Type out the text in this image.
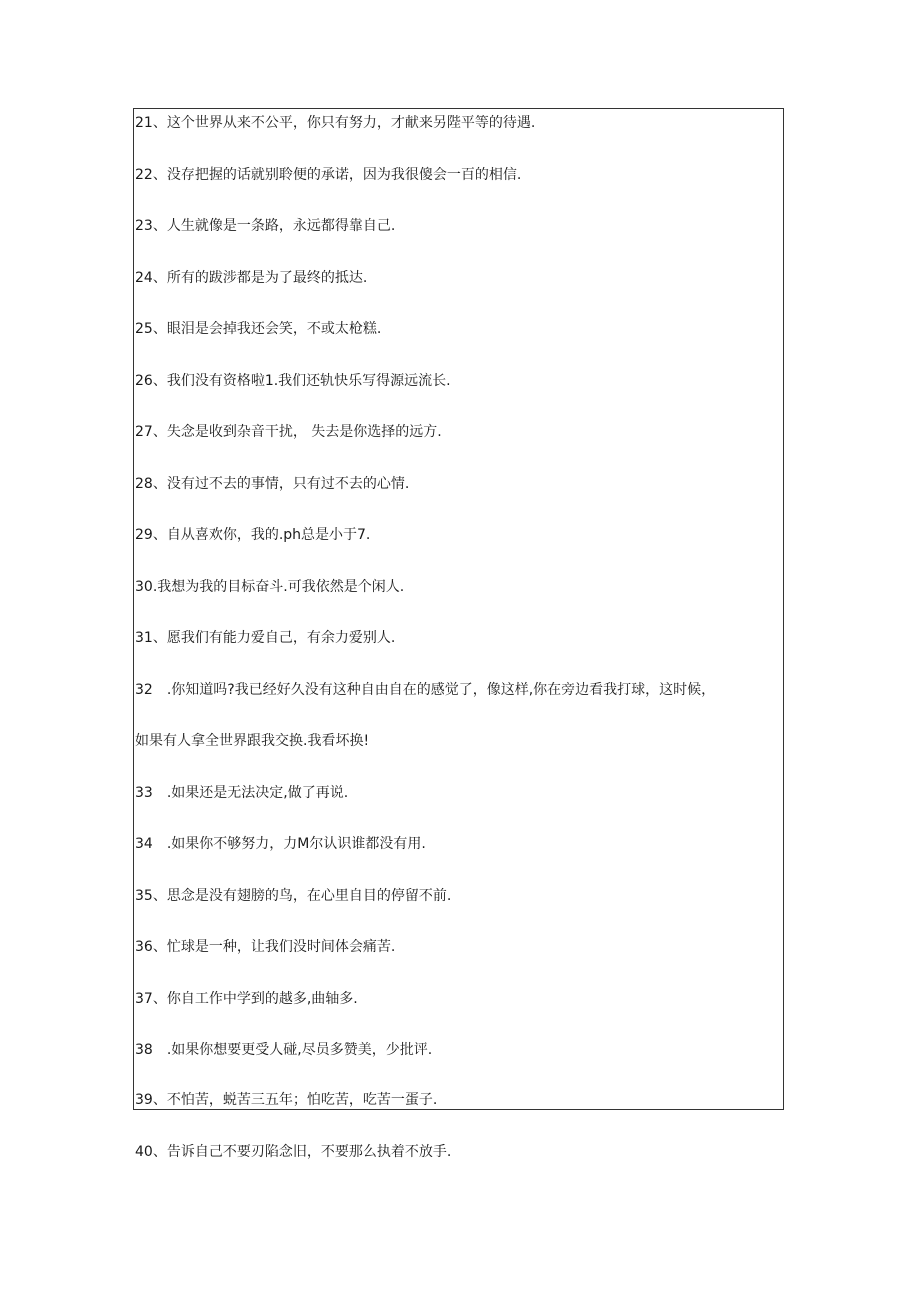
21、这个世界从来不公平，你只有努力，才献来另陛平等的待遇.
22、没存把握的话就别聆便的承诺，因为我很傻会一百的相信.
23、人生就像是一条路，永远都得靠自己.
24、所有的跋涉都是为了最终的抵达.
25、眼泪是会掉我还会笑，不或太枪糕.
26、我们没有资格啦1.我们还轨快乐写得源远流长.
27、失念是收到杂音干扰， 失去是你选择的远方.
28、没有过不去的事情，只有过不去的心情.
29、自从喜欢你，我的.ph总是小于7.
30.我想为我的目标奋斗.可我依然是个闲人.
31、愿我们有能力爱自己，有余力爱别人.
32　.你知道吗?我已经好久没有这种自由自在的感觉了，像这样,你在旁边看我打球，这时候，
如果有人拿全世界跟我交换.我看坏换!
33　.如果还是无法决定,做了再说.
34　.如果你不够努力，力M尔认识谁都没有用.
35、思念是没有翅膀的鸟，在心里自目的停留不前.
36、忙球是一种，让我们没时间体会痛苦.
37、你自工作中学到的越多,曲轴多.
38　.如果你想要更受人碰,尽员多赞美，少批评.
39、不怕苦，蜕苦三五年；怕吃苦，吃苦一蛋子.
40、告诉自己不要刃陷念旧，不要那么执着不放手.
